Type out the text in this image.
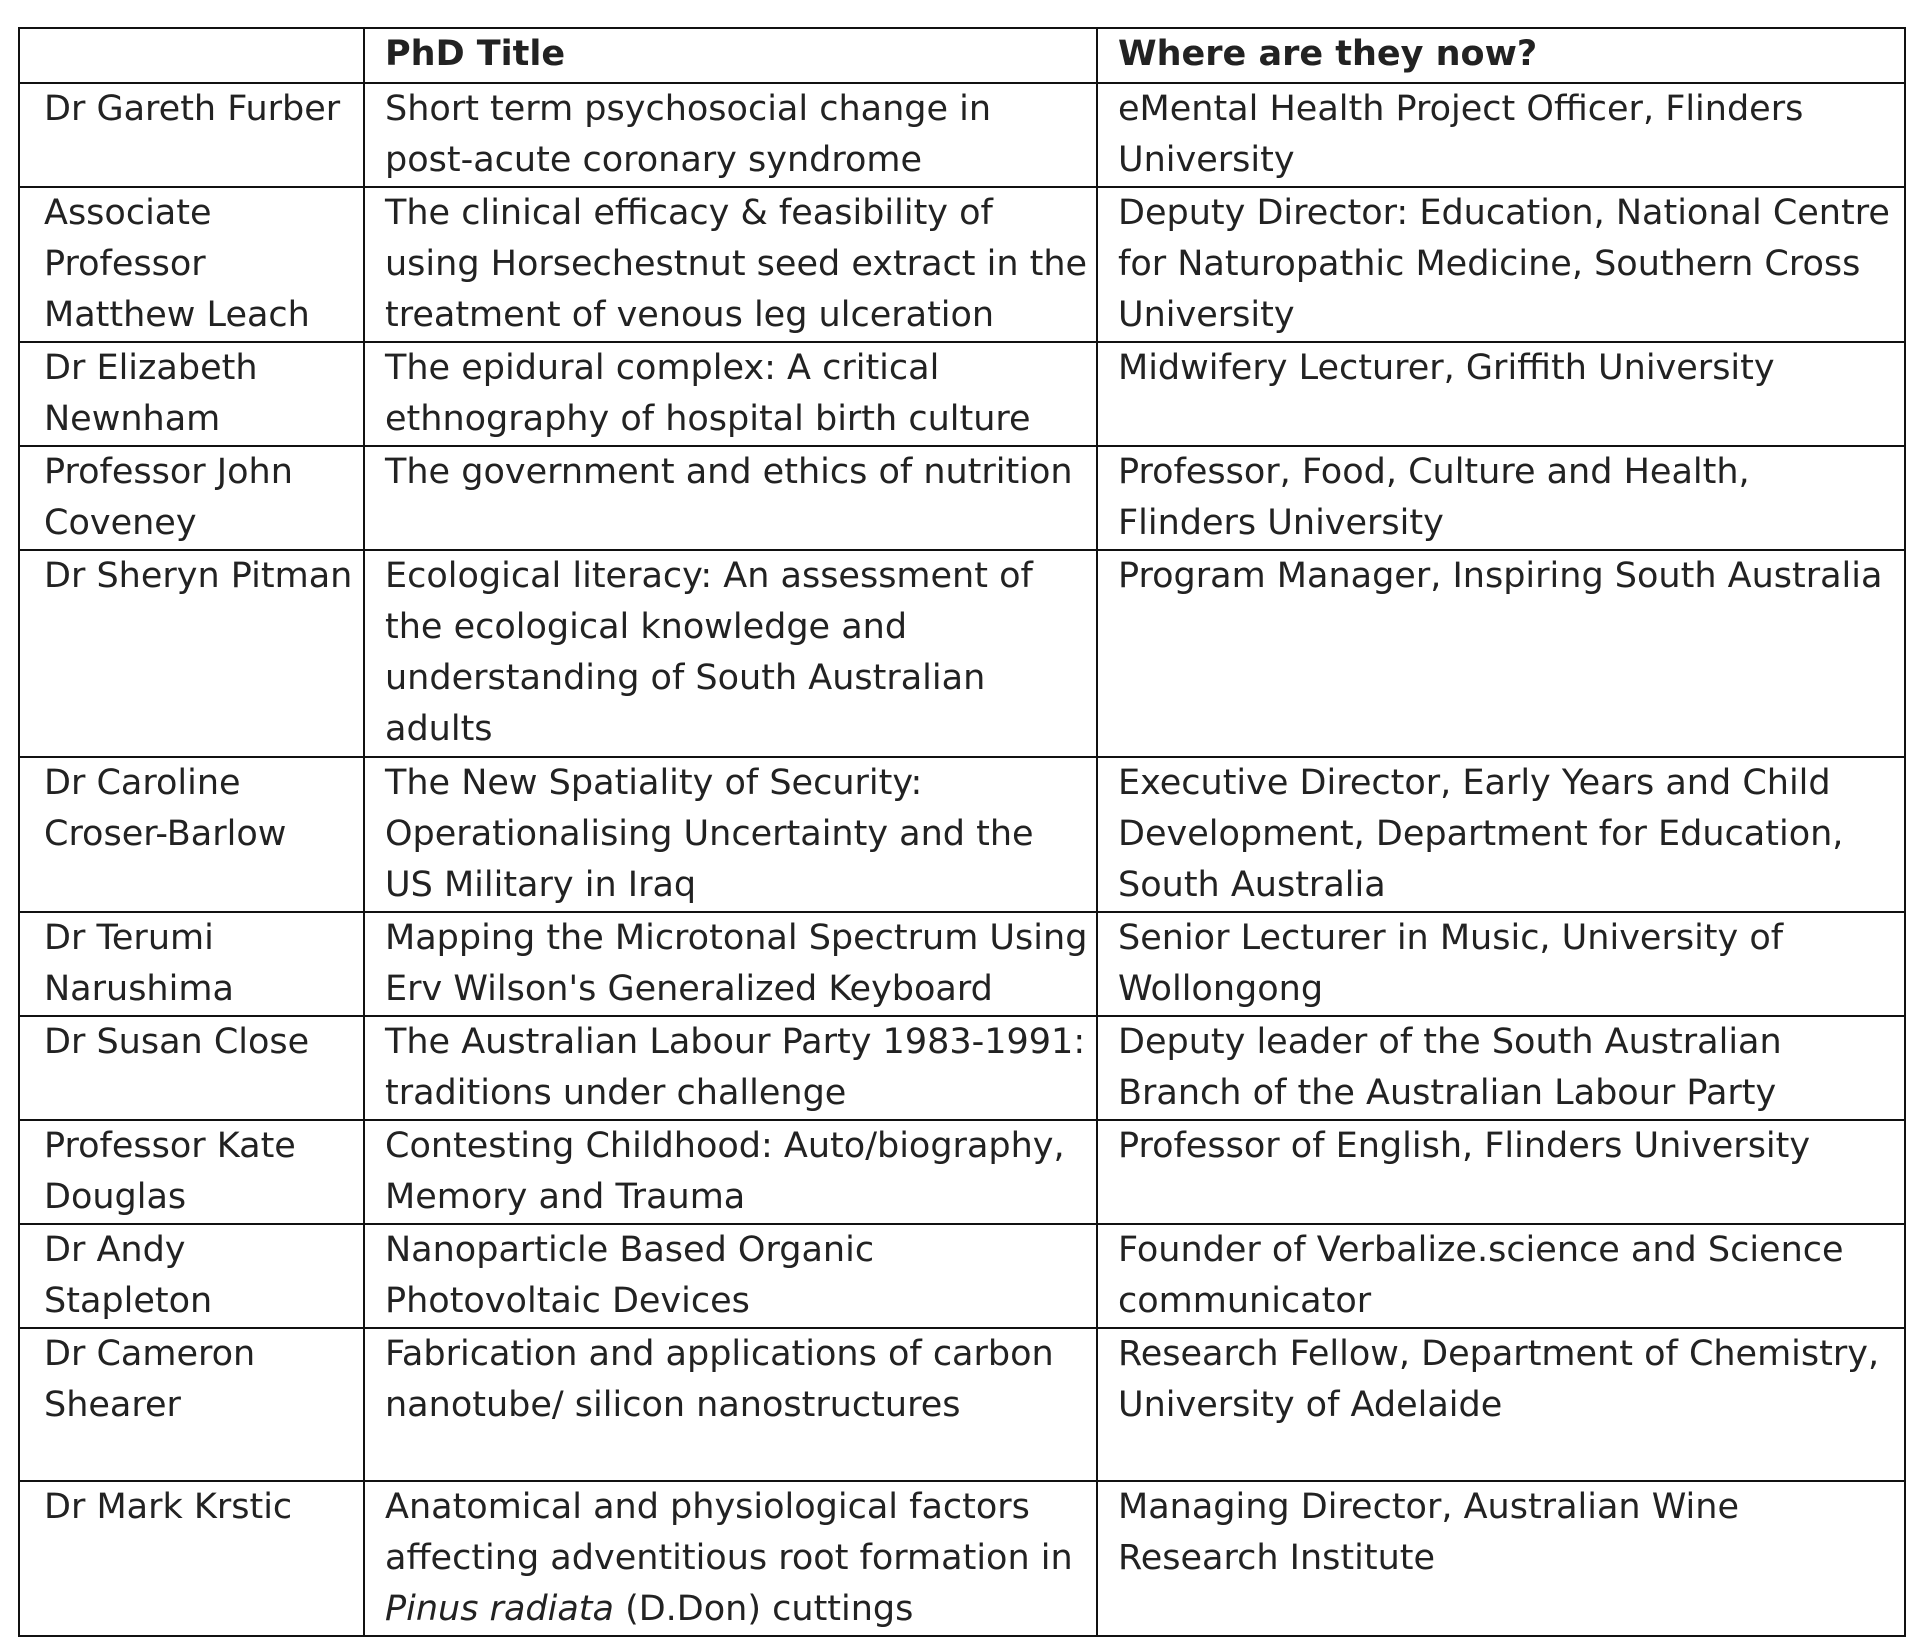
	PhD Title	Where are they now?
Dr Gareth Furber	Short term psychosocial change in post-acute coronary syndrome	eMental Health Project Officer, Flinders University
Associate Professor Matthew Leach	The clinical efficacy & feasibility of using Horsechestnut seed extract in the treatment of venous leg ulceration	Deputy Director: Education, National Centre for Naturopathic Medicine, Southern Cross University
Dr Elizabeth Newnham	The epidural complex: A critical ethnography of hospital birth culture	Midwifery Lecturer, Griffith University
Professor John Coveney	The government and ethics of nutrition	Professor, Food, Culture and Health, Flinders University
Dr Sheryn Pitman	Ecological literacy: An assessment of the ecological knowledge and understanding of South Australian adults	Program Manager, Inspiring South Australia
Dr Caroline Croser-Barlow	The New Spatiality of Security: Operationalising Uncertainty and the US Military in Iraq	Executive Director, Early Years and Child Development, Department for Education, South Australia
Dr Terumi Narushima	Mapping the Microtonal Spectrum Using Erv Wilson's Generalized Keyboard	Senior Lecturer in Music, University of Wollongong
Dr Susan Close	The Australian Labour Party 1983-1991: traditions under challenge	Deputy leader of the South Australian Branch of the Australian Labour Party
Professor Kate Douglas	Contesting Childhood: Auto/biography, Memory and Trauma	Professor of English, Flinders University
Dr Andy Stapleton	Nanoparticle Based Organic Photovoltaic Devices	Founder of Verbalize.science and Science communicator
Dr Cameron Shearer	Fabrication and applications of carbon nanotube/ silicon nanostructures	Research Fellow, Department of Chemistry, University of Adelaide
Dr Mark Krstic	Anatomical and physiological factors affecting adventitious root formation in Pinus radiata (D.Don) cuttings	Managing Director, Australian Wine Research Institute
